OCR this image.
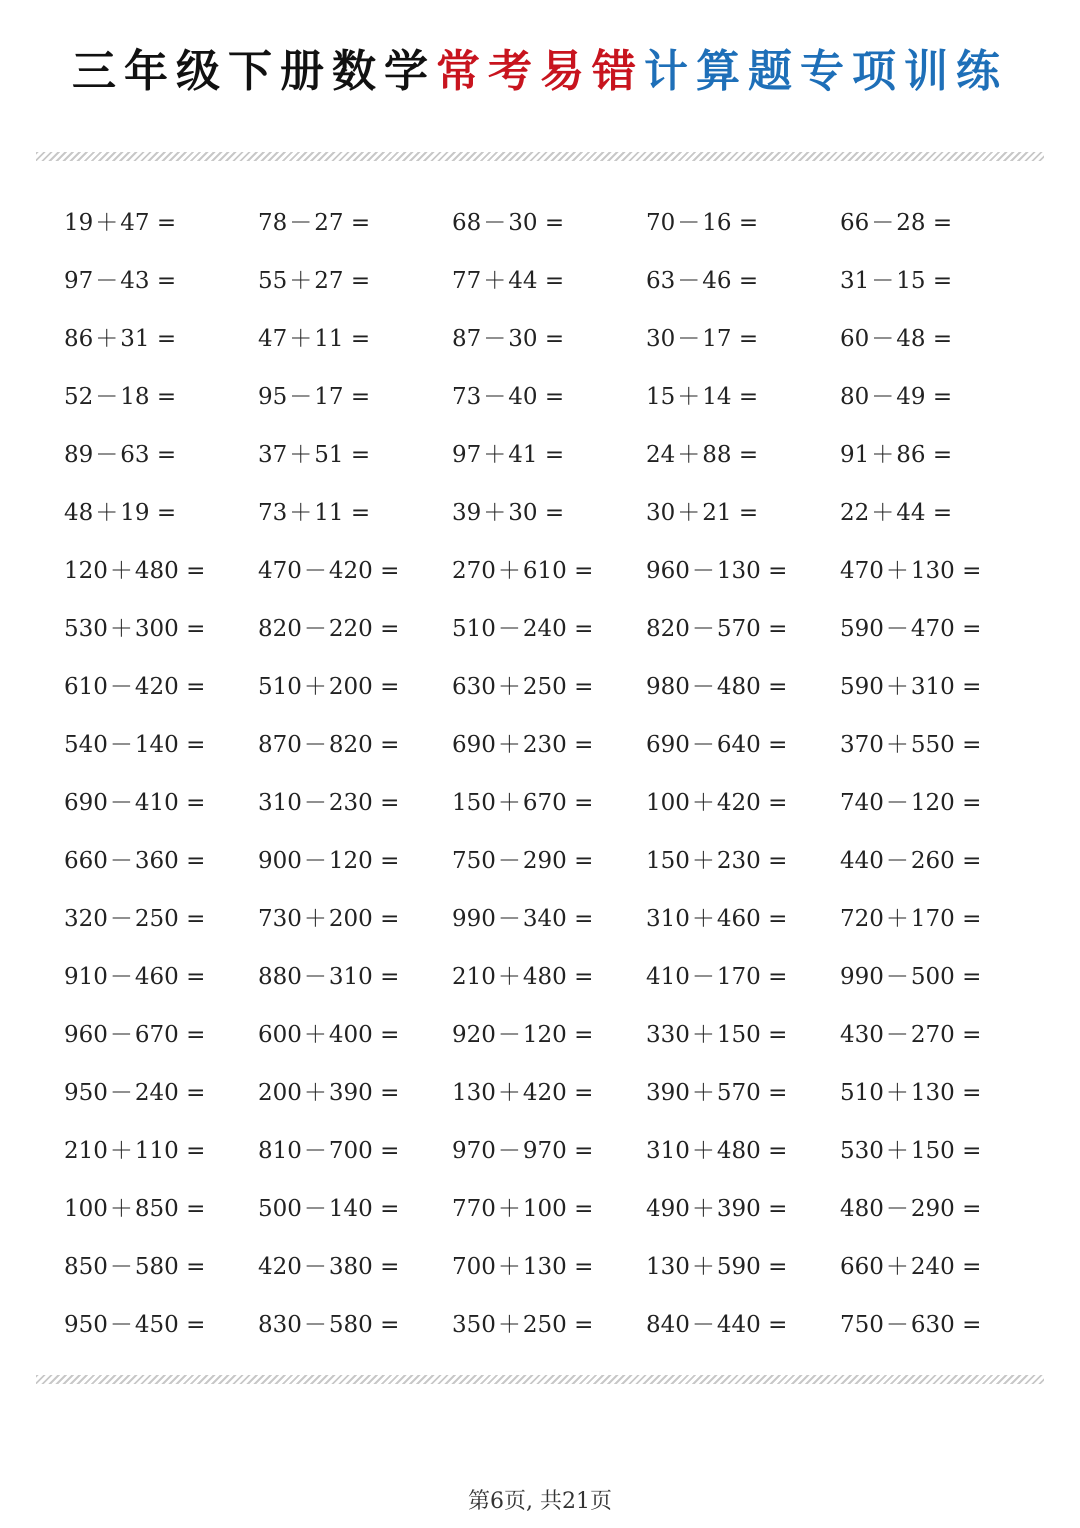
三年级下册数学常考易错计算题专项训练
19＋47 =	78－27 =	68－30 =	70－16 =	66－28 =
97－43 =	55＋27 =	77＋44 =	63－46 =	31－15 =
86＋31 =	47＋11 =	87－30 =	30－17 =	60－48 =
52－18 =	95－17 =	73－40 =	15＋14 =	80－49 =
89－63 =	37＋51 =	97＋41 =	24＋88 =	91＋86 =
48＋19 =	73＋11 =	39＋30 =	30＋21 =	22＋44 =
120＋480 =	470－420 =	270＋610 =	960－130 =	470＋130 =
530＋300 =	820－220 =	510－240 =	820－570 =	590－470 =
610－420 =	510＋200 =	630＋250 =	980－480 =	590＋310 =
540－140 =	870－820 =	690＋230 =	690－640 =	370＋550 =
690－410 =	310－230 =	150＋670 =	100＋420 =	740－120 =
660－360 =	900－120 =	750－290 =	150＋230 =	440－260 =
320－250 =	730＋200 =	990－340 =	310＋460 =	720＋170 =
910－460 =	880－310 =	210＋480 =	410－170 =	990－500 =
960－670 =	600＋400 =	920－120 =	330＋150 =	430－270 =
950－240 =	200＋390 =	130＋420 =	390＋570 =	510＋130 =
210＋110 =	810－700 =	970－970 =	310＋480 =	530＋150 =
100＋850 =	500－140 =	770＋100 =	490＋390 =	480－290 =
850－580 =	420－380 =	700＋130 =	130＋590 =	660＋240 =
950－450 =	830－580 =	350＋250 =	840－440 =	750－630 =
第6页, 共21页
